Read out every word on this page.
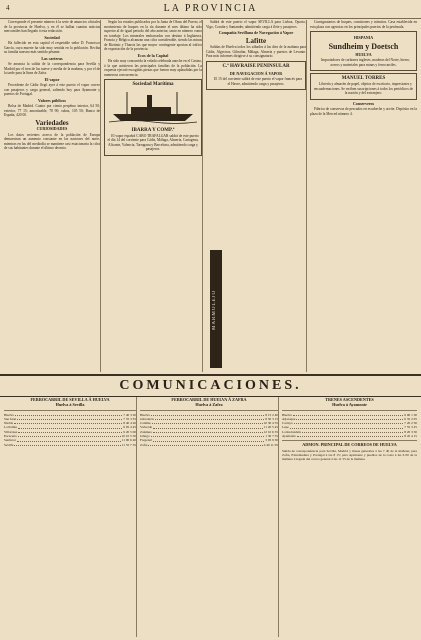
4	LA PROVINCIA

Corresponde el presente número á la serie de anuncios oficiales de la provincia de Huelva, y en él se hallan cuantas noticias mercantiles han llegado á esta redacción.

Sociedad

Ha fallecido en esta capital el respetable señor D. Francisco García, cuya muerte ha sido muy sentida en la población. Reciba su familia nuestro más sentido pésame.

Las carteras

Se anuncia la salida de la correspondencia para Sevilla y Madrid por el tren de las nueve y media de la mañana, y por el de la tarde para la línea de Zafra.

El vapor

Procedente de Cádiz llegó ayer á este puerto el vapor correo con pasajeros y carga general, saliendo hoy para Ayamonte y puertos de Portugal.

Valores públicos

Bolsa de Madrid. Cuatro por ciento perpétuo interior, 64 50; exterior, 77 15; amortizable, 78 90; cubas, 105 50; Banco de España, 420 00.

Variedades
CURIOSIDADES

Los datos recientes acerca de la población de Europa demuestran un aumento constante en las naciones del norte, mientras en las del mediodía se mantiene casi estacionaria la cifra de sus habitantes durante el último decenio.

Según los estados publicados por la Junta de Obras del Puerto, el movimiento de buques en la ría durante el mes último ha sido superior al de igual periodo del año anterior, tanto en número como en tonelaje. Los minerales embarcados con destino á Inglaterra, Francia y Bélgica alcanzan una cifra considerable, siendo las minas de Riotinto y Tharsis las que mayor contingente aportan al tráfico de exportación de la provincia.

Ecos de la Capital

Ha sido muy concurrida la velada celebrada anoche en el Casino, á la que asistieron las principales familias de la población. La orquesta ejecutó escogidas piezas que fueron muy aplaudidas por la numerosa concurrencia.

Sociedad Marítima
IBARRA Y COMP.ª

El vapor español CABO TRAFALGAR saldrá de este puerto el día 14 del corriente para Cádiz, Málaga, Almería, Cartagena, Alicante, Valencia, Tarragona y Barcelona, admitiendo carga y pasajeros.

Saldrá de este puerto el vapor SEVILLA para Lisboa, Oporto, Vigo, Coruña y Santander, admitiendo carga á flete y pasajeros.

Compañía Sevillana de Navegación á Vapor
Lafitte

Salidas de Huelva todos los sábados á las diez de la mañana para Cádiz, Algeciras, Gibraltar, Málaga, Almería y puertos de Levante. Para más informes dirigirse á su consignatario.

C.ª HAVRAISE PENINSULAR
DE NAVEGACION Á VAPOR

El 15 del corriente saldrá de este puerto el vapor francés para el Havre, admitiendo carga y pasajeros.

MARMOLEJO

Consignatarios de buques, comisiones y tránsitos. Casa establecida en esta plaza con agencias en los principales puertos de la península.

HISPANIA
Sundheim y Doetsch
HUELVA

Importadores de carbones ingleses, maderas del Norte, hierro, aceros y materiales para minas y ferrocarriles.

MANUEL TORRES

Librería y almacén de papel, objetos de escritorio, impresiones y encuadernaciones. Se reciben suscripciones á todos los periódicos de la nación y del extranjero.

Conserveros

Fábrica de conservas de pescados en escabeche y aceite. Depósito en la plaza de la Merced número 4.

COMUNICACIONES.
FERROCARRIL DE SEVILLA Á HUELVA
Huelva á Sevilla
Huelva	7 40 3 20
San Juan	7 55 3 35
Niebla	8 40 4 20
La Palma	9 05 4 45
Villarrasa	9 20 5 00
Escacena	10 10 5 50
Sanlúcar	11 00 6 40
Sevilla	11 55 7 35
FERROCARRIL DE HUELVA Á ZAFRA
Huelva á Zafra
Huelva	8 15 2 40
Gibraleón	8 50 3 15
Calañas	10 30 4 55
Valverde	11 20 5 45
Zalamea	12 10 6 35
Jabugo	1 30 7 55
Fregenal	3 05 9 30
Zafra	4 40 11 05
TRENES ASCENDENTES
Huelva á Ayamonte
Huelva	6 00 1 30
Aljaraque	6 35 2 05
Cartaya	7 20 2 50
Lepe	7 55 3 25
La Redondela	8 20 3 50
Ayamonte	8 45 4 15
ADMON. PRINCIPAL DE CORREOS DE HUELVA
Salida de correspondencia para Sevilla, Madrid y líneas generales á las 7 40 de la mañana; para Zafra, Extremadura y Portugal á las 8 15; para Ayamonte y pueblos de la costa á las 6 00 de la mañana. Llegada del correo general á las 11 55 de la mañana.
